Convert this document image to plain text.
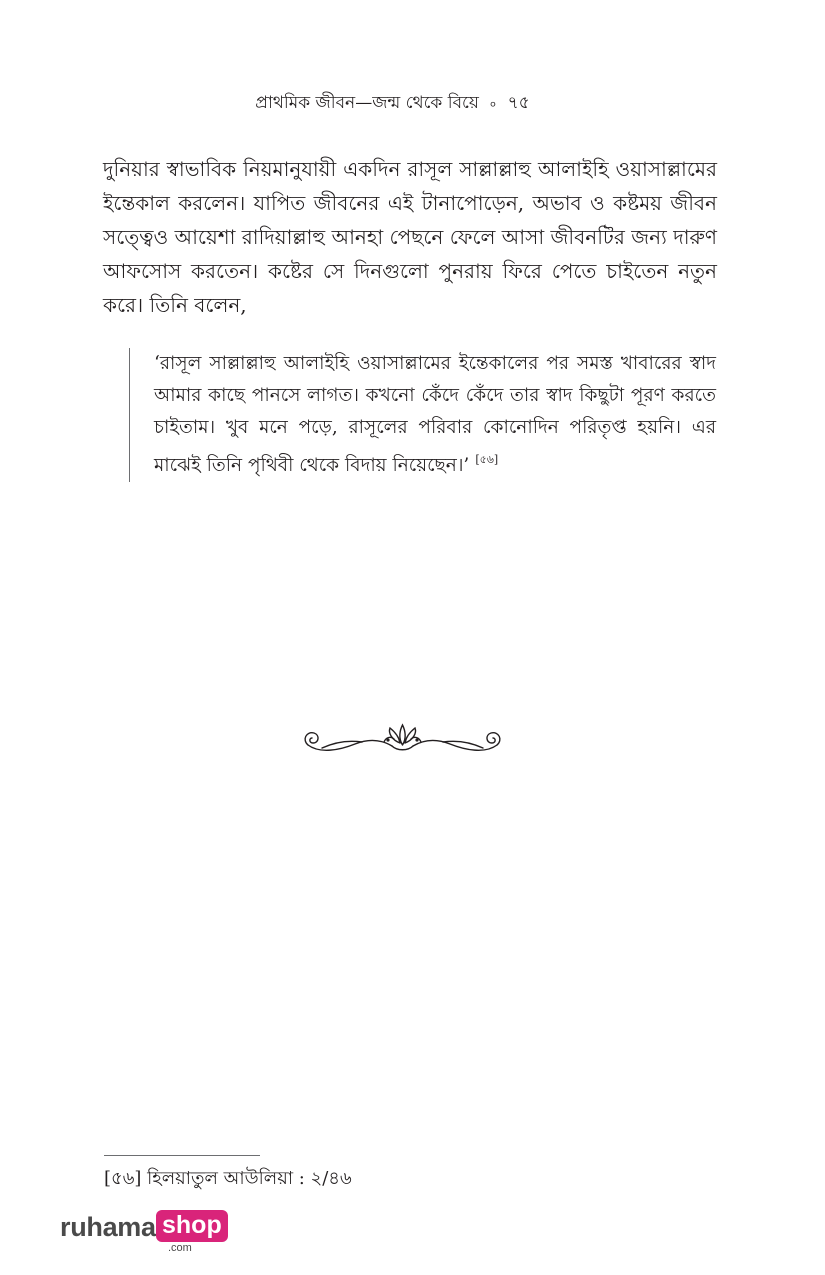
প্রাথমিক জীবন—জন্ম থেকে বিয়ে ৹ ৭৫

দুনিয়ার স্বাভাবিক নিয়মানুযায়ী একদিন রাসূল সাল্লাল্লাহু আলাইহি ওয়াসাল্লামের ইন্তেকাল করলেন। যাপিত জীবনের এই টানাপোড়েন, অভাব ও কষ্টময় জীবন সত্ত্বেও আয়েশা রাদিয়াল্লাহু আনহা পেছনে ফেলে আসা জীবনটির জন্য দারুণ আফসোস করতেন। কষ্টের সে দিনগুলো পুনরায় ফিরে পেতে চাইতেন নতুন করে। তিনি বলেন,

‘রাসূল সাল্লাল্লাহু আলাইহি ওয়াসাল্লামের ইন্তেকালের পর সমস্ত খাবারের স্বাদ আমার কাছে পানসে লাগত। কখনো কেঁদে কেঁদে তার স্বাদ কিছুটা পূরণ করতে চাইতাম। খুব মনে পড়ে, রাসূলের পরিবার কোনোদিন পরিতৃপ্ত হয়নি। এর মাঝেই তিনি পৃথিবী থেকে বিদায় নিয়েছেন।’ [৫৬]
[৫৬] হিলয়াতুল আউলিয়া : ২/৪৬
ruhama shop
.com
